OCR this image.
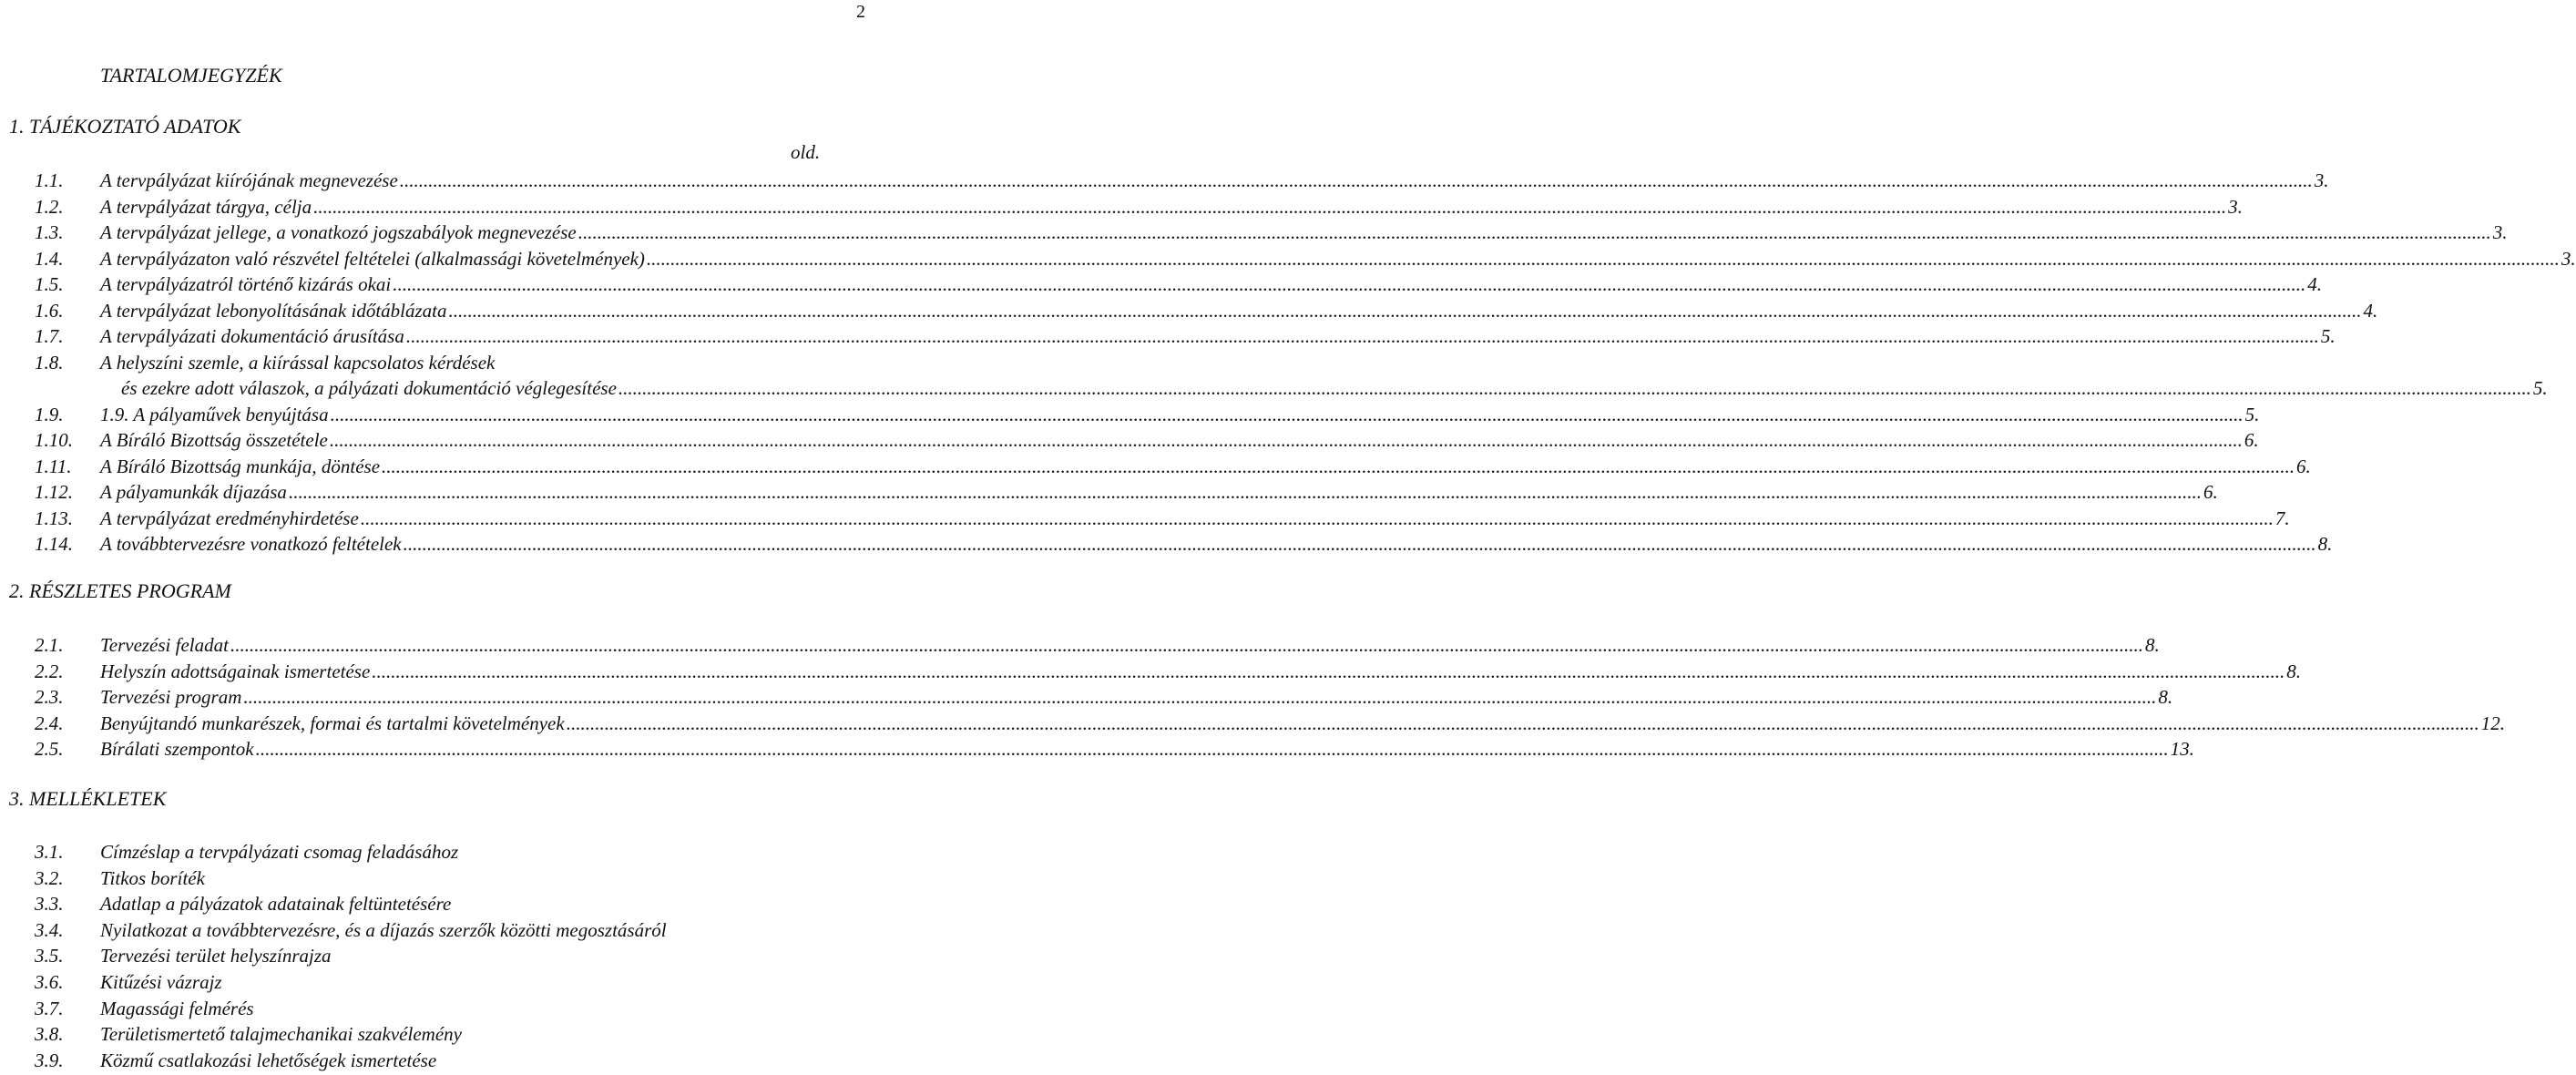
2
TARTALOMJEGYZÉK
1. TÁJÉKOZTATÓ ADATOK
old.
1.1. A tervpályázat kiírójának megnevezése ................................................................................................................................................................................................................................................................................................................................................................................................................ 3.
1.2. A tervpályázat tárgya, célja ................................................................................................................................................................................................................................................................................................................................................................................................................ 3.
1.3. A tervpályázat jellege, a vonatkozó jogszabályok megnevezése ................................................................................................................................................................................................................................................................................................................................................................................................................ 3.
1.4. A tervpályázaton való részvétel feltételei (alkalmassági követelmények) ................................................................................................................................................................................................................................................................................................................................................................................................................ 3.
1.5. A tervpályázatról történő kizárás okai ................................................................................................................................................................................................................................................................................................................................................................................................................ 4.
1.6. A tervpályázat lebonyolításának időtáblázata ................................................................................................................................................................................................................................................................................................................................................................................................................ 4.
1.7. A tervpályázati dokumentáció árusítása ................................................................................................................................................................................................................................................................................................................................................................................................................ 5.
1.8. A helyszíni szemle, a kiírással kapcsolatos kérdések
és ezekre adott válaszok, a pályázati dokumentáció véglegesítése ................................................................................................................................................................................................................................................................................................................................................................................................................ 5.
1.9. 1.9. A pályaművek benyújtása ................................................................................................................................................................................................................................................................................................................................................................................................................ 5.
1.10. A Bíráló Bizottság összetétele ................................................................................................................................................................................................................................................................................................................................................................................................................ 6.
1.11. A Bíráló Bizottság munkája, döntése ................................................................................................................................................................................................................................................................................................................................................................................................................ 6.
1.12. A pályamunkák díjazása ................................................................................................................................................................................................................................................................................................................................................................................................................ 6.
1.13. A tervpályázat eredményhirdetése ................................................................................................................................................................................................................................................................................................................................................................................................................ 7.
1.14. A továbbtervezésre vonatkozó feltételek ................................................................................................................................................................................................................................................................................................................................................................................................................ 8.
2. RÉSZLETES PROGRAM
2.1. Tervezési feladat ................................................................................................................................................................................................................................................................................................................................................................................................................ 8.
2.2. Helyszín adottságainak ismertetése ................................................................................................................................................................................................................................................................................................................................................................................................................ 8.
2.3. Tervezési program ................................................................................................................................................................................................................................................................................................................................................................................................................ 8.
2.4. Benyújtandó munkarészek, formai és tartalmi követelmények ................................................................................................................................................................................................................................................................................................................................................................................................................ 12.
2.5. Bírálati szempontok ................................................................................................................................................................................................................................................................................................................................................................................................................ 13.
3. MELLÉKLETEK
3.1. Címzéslap a tervpályázati csomag feladásához
3.2. Titkos boríték
3.3. Adatlap a pályázatok adatainak feltüntetésére
3.4. Nyilatkozat a továbbtervezésre, és a díjazás szerzők közötti megosztásáról
3.5. Tervezési terület helyszínrajza
3.6. Kitűzési vázrajz
3.7. Magassági felmérés
3.8. Területismertető talajmechanikai szakvélemény
3.9. Közmű csatlakozási lehetőségek ismertetése
